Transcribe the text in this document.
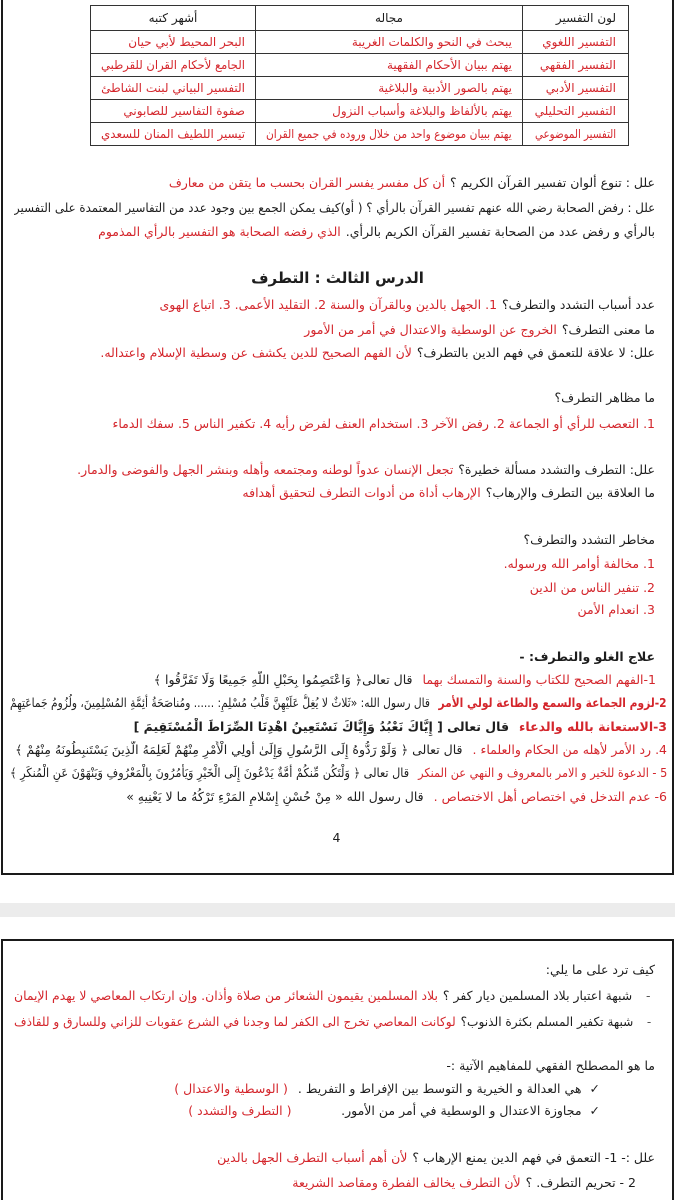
لون التفسير	مجاله	أشهر كتبه

التفسير اللغوي	يبحث في النحو والكلمات الغريبة	البحر المحيط لأبي حيان

التفسير الفقهي	يهتم ببيان الأحكام الفقهية	الجامع لأحكام القران للقرطبي

التفسير الأدبي	يهتم بالصور الأدبية والبلاغية	التفسير البياني لبنت الشاطئ

التفسير التحليلي	يهتم بالألفاظ والبلاغة وأسباب النزول	صفوة التفاسير للصابوني

التفسير الموضوعي	يهتم ببيان موضوع واحد من خلال وروده في جميع القران	تيسير اللطيف المنان للسعدي
علل : تنوع ألوان تفسير القرآن الكريم ؟
أن كل مفسر يفسر القران بحسب ما يتقن من معارف
علل : رفض الصحابة رضي الله عنهم تفسير القرآن بالرأي ؟ ( أو)كيف يمكن الجمع بين وجود عدد من التفاسير المعتمدة على التفسير
بالرأي و رفض عدد من الصحابة تفسير القرآن الكريم بالرأي.
الذي رفضه الصحابة هو التفسير بالرأي المذموم
الدرس الثالث : التطرف
عدد أسباب التشدد والتطرف؟
1. الجهل بالدين وبالقرآن والسنة 2. التقليد الأعمى. 3. اتباع الهوى
ما معنى التطرف؟
الخروج عن الوسطية والاعتدال في أمر من الأمور
علل: لا علاقة للتعمق في فهم الدين بالتطرف؟
لأن الفهم الصحيح للدين يكشف عن وسطية الإسلام واعتداله.
ما مظاهر التطرف؟
1. التعصب للرأي أو الجماعة 2. رفض الآخر 3. استخدام العنف لفرض رأيه 4. تكفير الناس 5. سفك الدماء
علل: التطرف والتشدد مسألة خطيرة؟
تجعل الإنسان عدواً لوطنه ومجتمعه وأهله وبنشر الجهل والفوضى والدمار.
ما العلاقة بين التطرف والإرهاب؟
الإرهاب أداة من أدوات التطرف لتحقيق أهدافه
مخاطر التشدد والتطرف؟
1. مخالفة أوامر الله ورسوله.
2. تنفير الناس من الدين
3. انعدام الأمن
علاج الغلو والتطرف: -
1-الفهم الصحيح للكتاب والسنة والتمسك بهما
قال تعالى﴿ وَاعْتَصِمُوا بِحَبْلِ اللَّهِ جَمِيعًا وَلَا تَفَرَّقُوا ﴾
2-لزوم الجماعة والسمع والطاعة لولي الأمر
قال رسول الله: «ثَلاثٌ لا يُغِلُّ عَلَيْهِنَّ قَلْبُ مُسْلِمٍ: ...... ومُناصَحَةُ أئِمَّةِ المُسْلِمِينَ، ولُزُومُ جَماعَتِهِمْ
3-الاستعانة بالله والدعاء
قال تعالى [ إِيَّاكَ نَعْبُدُ وَإِيَّاكَ نَسْتَعِينُ اهْدِنَا الصِّرَاطَ الْمُسْتَقِيمَ ]
4. رد الأمر لأهله من الحكام والعلماء .
قال تعالى ﴿ وَلَوْ رَدُّوهُ إِلَى الرَّسُولِ وَإِلَىٰ أُولِي الْأَمْرِ مِنْهُمْ لَعَلِمَهُ الَّذِينَ يَسْتَنبِطُونَهُ مِنْهُمْ ﴾
5 - الدعوة للخير و الامر بالمعروف و النهي عن المنكر
قال تعالى ﴿ وَلْتَكُن مِّنكُمْ أُمَّةٌ يَدْعُونَ إِلَى الْخَيْرِ وَيَأْمُرُونَ بِالْمَعْرُوفِ وَيَنْهَوْنَ عَنِ الْمُنكَرِ ﴾
6- عدم التدخل في اختصاص أهل الاختصاص .
قال رسول الله « مِنْ حُسْنِ إِسْلامِ المَرْءِ تَرْكُهُ ما لا يَعْنِيهِ »
4
كيف ترد على ما يلي:
-
شبهة اعتبار بلاد المسلمين ديار كفر ؟
بلاد المسلمين يقيمون الشعائر من صلاة وأذان. وإن ارتكاب المعاصي لا يهدم الإيمان
-
شبهة تكفير المسلم بكثرة الذنوب؟
لوكانت المعاصي تخرج الى الكفر لما وجدنا في الشرع عقوبات للزاني وللسارق و للقاذف
ما هو المصطلح الفقهي للمفاهيم الآتية :-
✓
هي العدالة و الخيرية و التوسط بين الإفراط و التفريط .
( الوسطية والاعتدال )
✓
مجاوزة الاعتدال و الوسطية في أمر من الأمور.
( التطرف والتشدد )
علل :- 1- التعمق في فهم الدين يمنع الإرهاب ؟
لأن أهم أسباب التطرف الجهل بالدين
2 - تحريم التطرف. ؟
لأن التطرف يخالف الفطرة ومقاصد الشريعة
